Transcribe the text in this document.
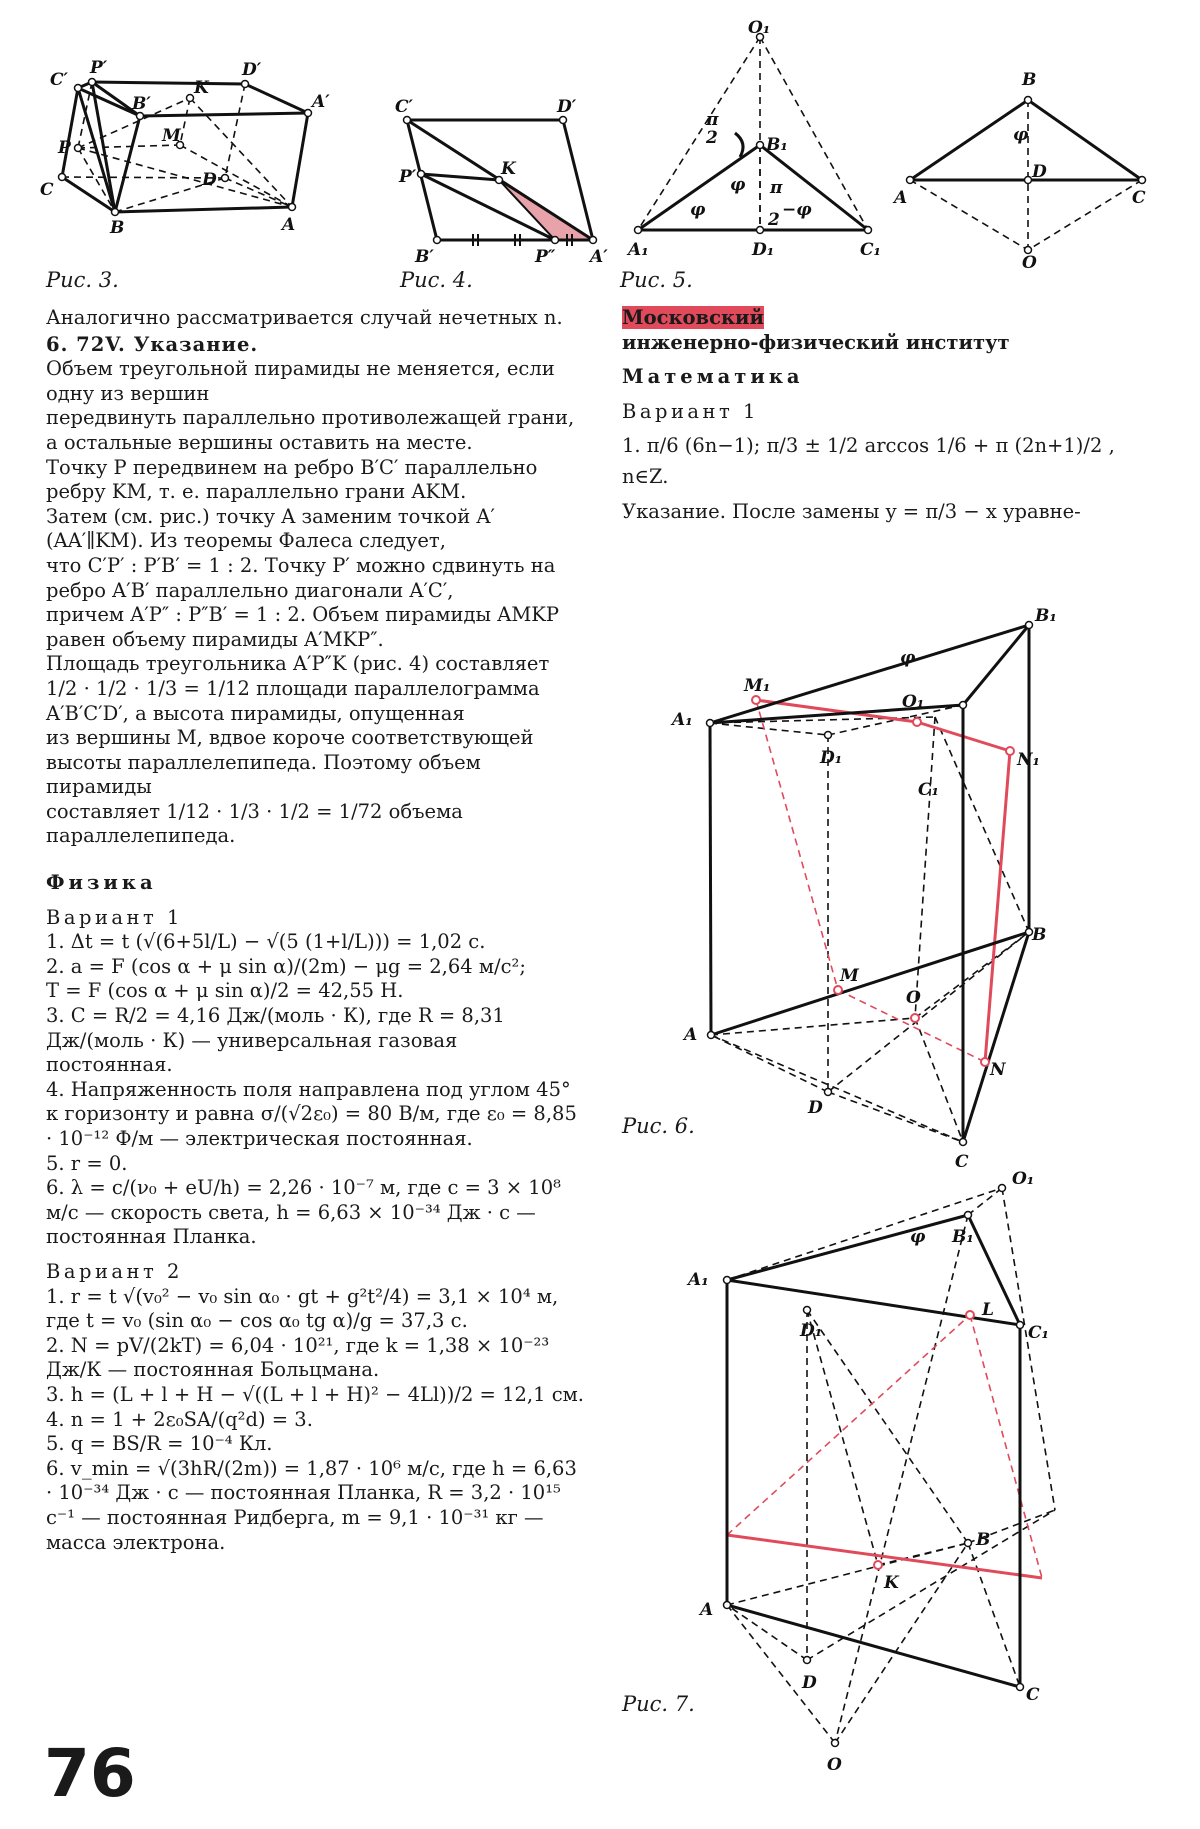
C′
P′	D′
A′
B′
K
M
P
D
C
B	A
Рис. 3.
C′	D′
P′	K
B′	P″ A′
Рис. 4.
O₁
B₁
A₁	D₁	C₁
B
A
D
C
O
π
2
φ
φ π
2 −φ
φ
Рис. 5.

Аналогично рассматривается случай нечетных n.

6. 72V. Указание.

Объем треугольной пирамиды не меняется, если одну из вершин

передвинуть параллельно противолежащей грани, а остальные вершины оставить на месте.

Точку P передвинем на ребро B′C′ параллельно ребру KM, т. е. параллельно грани AKM.

Затем (см. рис.) точку A заменим точкой A′ (AA′∥KM). Из теоремы Фалеса следует,

что C′P′ : P′B′ = 1 : 2. Точку P′ можно сдвинуть на ребро A′B′ параллельно диагонали A′C′,

причем A′P″ : P″B′ = 1 : 2. Объем пирамиды AMKP равен объему пирамиды A′MKP″.

Площадь треугольника A′P″K (рис. 4) составляет

1/2 · 1/2 · 1/3 = 1/12 площади параллелограмма A′B′C′D′, а высота пирамиды, опущенная

из вершины M, вдвое короче соответствующей высоты параллелепипеда. Поэтому объем пирамиды

составляет 1/12 · 1/3 · 1/2 = 1/72 объема параллелепипеда.

Физика

Вариант 1

1. Δt = t (√(6+5l/L) − √(5 (1+l/L))) = 1,02 с.

2. a = F (cos α + μ sin α)/(2m) − μg = 2,64 м/с²;

T = F (cos α + μ sin α)/2 = 42,55 Н.

3. C = R/2 = 4,16 Дж/(моль · К), где R = 8,31 Дж/(моль · К) — универсальная газовая постоянная.

4. Напряженность поля направлена под углом 45° к горизонту и равна σ/(√2ε₀) = 80 В/м, где ε₀ = 8,85 · 10⁻¹² Ф/м — электрическая постоянная.

5. r = 0.

6. λ = c/(ν₀ + eU/h) = 2,26 · 10⁻⁷ м, где c = 3 × 10⁸ м/с — скорость света, h = 6,63 × 10⁻³⁴ Дж · с — постоянная Планка.

Вариант 2

1. r = t √(v₀² − v₀ sin α₀ · gt + g²t²/4) = 3,1 × 10⁴ м, где t = v₀ (sin α₀ − cos α₀ tg α)/g = 37,3 с.

2. N = pV/(2kT) = 6,04 · 10²¹, где k = 1,38 × 10⁻²³ Дж/К — постоянная Больцмана.

3. h = (L + l + H − √((L + l + H)² − 4Ll))/2 = 12,1 см.

4. n = 1 + 2ε₀SA/(q²d) = 3.

5. q = BS/R = 10⁻⁴ Кл.

6. v_min = √(3hR/(2m)) = 1,87 · 10⁶ м/с, где h = 6,63 · 10⁻³⁴ Дж · с — постоянная Планка, R = 3,2 · 10¹⁵ с⁻¹ — постоянная Ридберга, m = 9,1 · 10⁻³¹ кг — масса электрона.

Московский

инженерно-физический институт

Математика

Вариант 1

1. π/6 (6n−1); π/3 ± 1/2 arccos 1/6 + π (2n+1)/2 ,

n∈Z.

Указание. После замены y = π/3 − x уравне-

A₁
B₁
M₁
O₁
D₁	N₁
C₁
B
M
O
A
N
D
C
φ
Рис. 6.
A₁
O₁
B₁
D₁
L
C₁
B
K
A
D
C
O
φ
Рис. 7.
76
